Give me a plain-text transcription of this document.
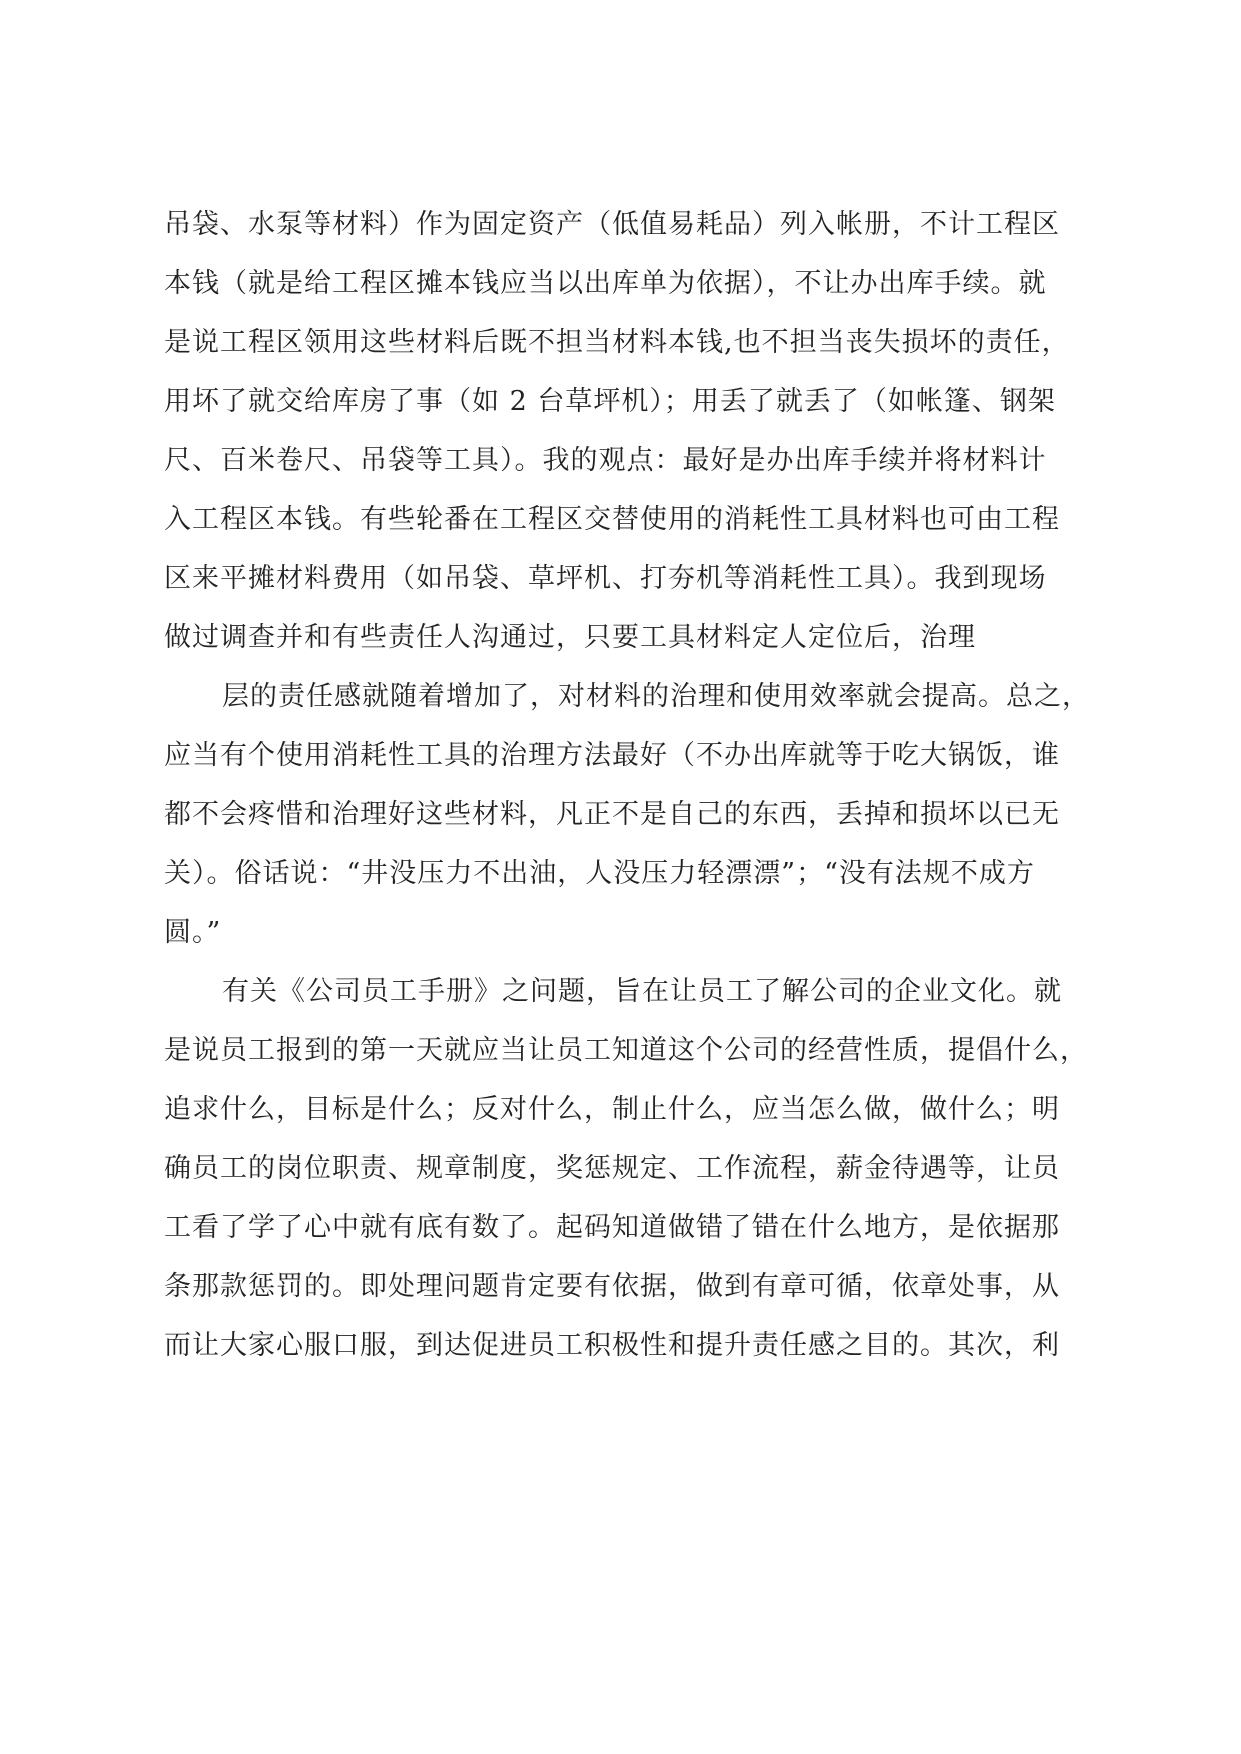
吊袋、水泵等材料）作为固定资产（低值易耗品）列入帐册，不计工程区
本钱（就是给工程区摊本钱应当以出库单为依据），不让办出库手续。就
是说工程区领用这些材料后既不担当材料本钱,也不担当丧失损坏的责任，
用坏了就交给库房了事（如 2 台草坪机）；用丢了就丢了（如帐篷、钢架
尺、百米卷尺、吊袋等工具）。我的观点：最好是办出库手续并将材料计
入工程区本钱。有些轮番在工程区交替使用的消耗性工具材料也可由工程
区来平摊材料费用（如吊袋、草坪机、打夯机等消耗性工具）。我到现场
做过调查并和有些责任人沟通过，只要工具材料定人定位后，治理
层的责任感就随着增加了，对材料的治理和使用效率就会提高。总之，
应当有个使用消耗性工具的治理方法最好（不办出库就等于吃大锅饭，谁
都不会疼惜和治理好这些材料，凡正不是自己的东西，丢掉和损坏以已无
关）。俗话说：“井没压力不出油，人没压力轻漂漂”；“没有法规不成方
圆。”
有关《公司员工手册》之问题，旨在让员工了解公司的企业文化。就
是说员工报到的第一天就应当让员工知道这个公司的经营性质，提倡什么，
追求什么，目标是什么；反对什么，制止什么，应当怎么做，做什么；明
确员工的岗位职责、规章制度，奖惩规定、工作流程，薪金待遇等，让员
工看了学了心中就有底有数了。起码知道做错了错在什么地方，是依据那
条那款惩罚的。即处理问题肯定要有依据，做到有章可循，依章处事，从
而让大家心服口服，到达促进员工积极性和提升责任感之目的。其次，利
